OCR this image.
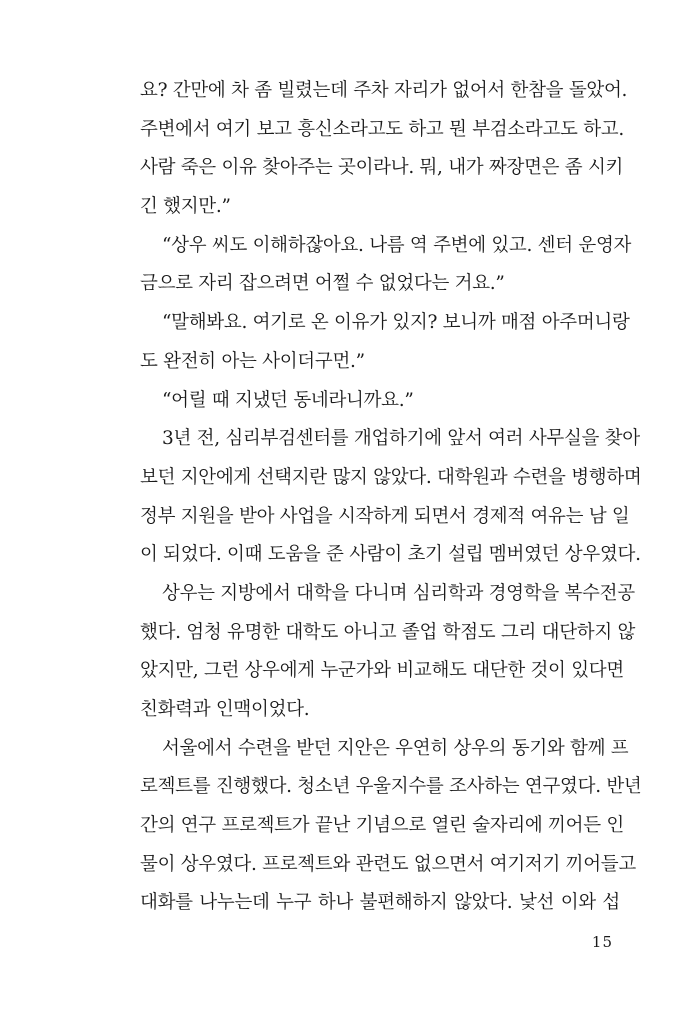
요? 간만에 차 좀 빌렸는데 주차 자리가 없어서 한참을 돌았어.
주변에서 여기 보고 흥신소라고도 하고 뭔 부검소라고도 하고.
사람 죽은 이유 찾아주는 곳이라나. 뭐, 내가 짜장면은 좀 시키
긴 했지만.”
“상우 씨도 이해하잖아요. 나름 역 주변에 있고. 센터 운영자
금으로 자리 잡으려면 어쩔 수 없었다는 거요.”
“말해봐요. 여기로 온 이유가 있지? 보니까 매점 아주머니랑
도 완전히 아는 사이더구먼.”
“어릴 때 지냈던 동네라니까요.”
3년 전, 심리부검센터를 개업하기에 앞서 여러 사무실을 찾아
보던 지안에게 선택지란 많지 않았다. 대학원과 수련을 병행하며
정부 지원을 받아 사업을 시작하게 되면서 경제적 여유는 남 일
이 되었다. 이때 도움을 준 사람이 초기 설립 멤버였던 상우였다.
상우는 지방에서 대학을 다니며 심리학과 경영학을 복수전공
했다. 엄청 유명한 대학도 아니고 졸업 학점도 그리 대단하지 않
았지만, 그런 상우에게 누군가와 비교해도 대단한 것이 있다면
친화력과 인맥이었다.
서울에서 수련을 받던 지안은 우연히 상우의 동기와 함께 프
로젝트를 진행했다. 청소년 우울지수를 조사하는 연구였다. 반년
간의 연구 프로젝트가 끝난 기념으로 열린 술자리에 끼어든 인
물이 상우였다. 프로젝트와 관련도 없으면서 여기저기 끼어들고
대화를 나누는데 누구 하나 불편해하지 않았다. 낯선 이와 섭
15
